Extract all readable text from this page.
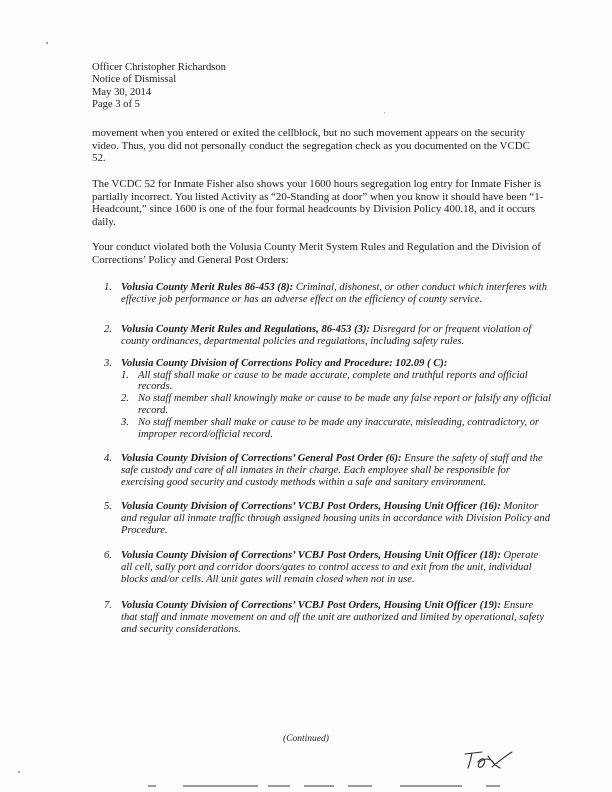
Officer Christopher Richardson
Notice of Dismissal
May 30, 2014
Page 3 of 5

movement when you entered or exited the cellblock, but no such movement appears on the security video. Thus, you did not personally conduct the segregation check as you documented on the VCDC 52.

The VCDC 52 for Inmate Fisher also shows your 1600 hours segregation log entry for Inmate Fisher is partially incorrect. You listed Activity as “20-Standing at door” when you know it should have been “1-Headcount,” since 1600 is one of the four formal headcounts by Division Policy 400.18, and it occurs daily.

Your conduct violated both the Volusia County Merit System Rules and Regulation and the Division of Corrections’ Policy and General Post Orders:

1. Volusia County Merit Rules 86-453 (8): Criminal, dishonest, or other conduct which interferes with effective job performance or has an adverse effect on the efficiency of county service.
2. Volusia County Merit Rules and Regulations, 86-453 (3): Disregard for or frequent violation of county ordinances, departmental policies and regulations, including safety rules.
3. Volusia County Division of Corrections Policy and Procedure: 102.09 ( C):
1. All staff shall make or cause to be made accurate, complete and truthful reports and official records.
2. No staff member shall knowingly make or cause to be made any false report or falsify any official record.
3. No staff member shall make or cause to be made any inaccurate, misleading, contradictory, or improper record/official record.
4. Volusia County Division of Corrections’ General Post Order (6): Ensure the safety of staff and the safe custody and care of all inmates in their charge. Each employee shall be responsible for exercising good security and custody methods within a safe and sanitary environment.
5. Volusia County Division of Corrections’ VCBJ Post Orders, Housing Unit Officer (16): Monitor and regular all inmate traffic through assigned housing units in accordance with Division Policy and Procedure.
6. Volusia County Division of Corrections’ VCBJ Post Orders, Housing Unit Officer (18): Operate all cell, sally port and corridor doors/gates to control access to and exit from the unit, individual blocks and/or cells. All unit gates will remain closed when not in use.
7. Volusia County Division of Corrections’ VCBJ Post Orders, Housing Unit Officer (19): Ensure that staff and inmate movement on and off the unit are authorized and limited by operational, safety and security considerations.
(Continued)
